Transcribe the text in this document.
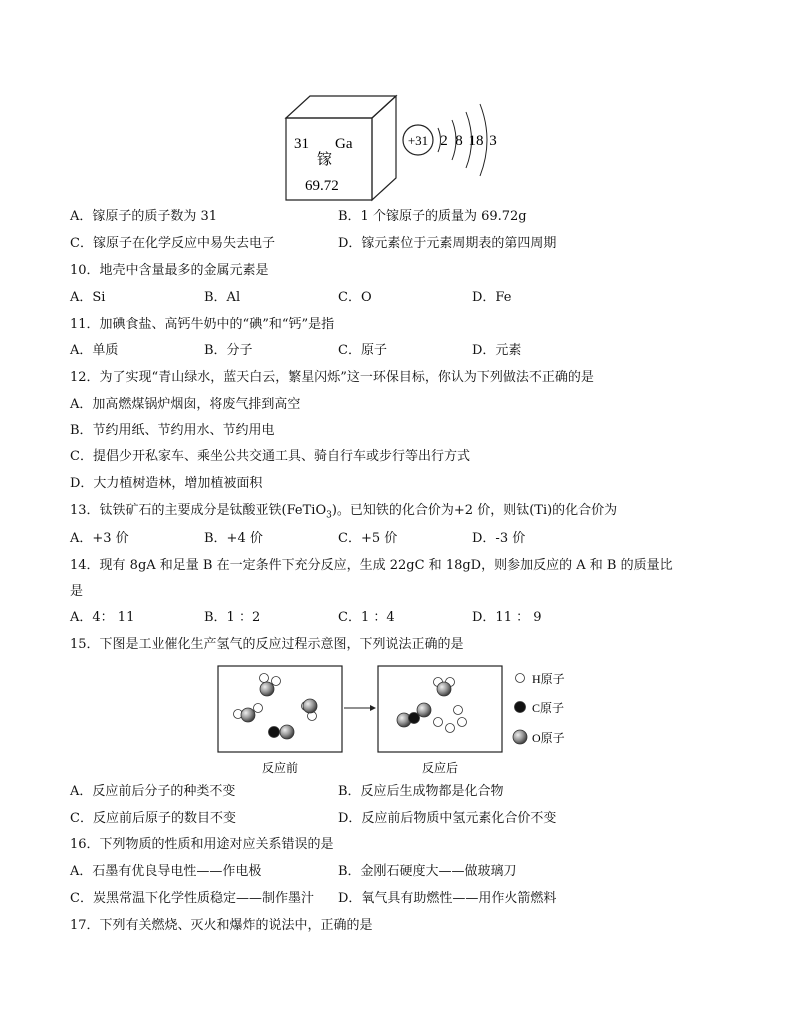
31 Ga
镓
69.72
+31 2 8 18 3
A．镓原子的质子数为 31	B．1 个镓原子的质量为 69.72g
C．镓原子在化学反应中易失去电子	D．镓元素位于元素周期表的第四周期
10．地壳中含量最多的金属元素是
A．Si	B．Al	C．O	D．Fe
11．加碘食盐、高钙牛奶中的“碘”和“钙”是指
A．单质	B．分子	C．原子	D．元素
12．为了实现“青山绿水，蓝天白云，繁星闪烁”这一环保目标，你认为下列做法不正确的是
A．加高燃煤锅炉烟囱，将废气排到高空
B．节约用纸、节约用水、节约用电
C．提倡少开私家车、乘坐公共交通工具、骑自行车或步行等出行方式
D．大力植树造林，增加植被面积
13．钛铁矿石的主要成分是钛酸亚铁(FeTiO$_3$)。已知铁的化合价为+2 价，则钛(Ti)的化合价为
A．+3 价	B．+4 价	C．+5 价	D．-3 价
14．现有 8gA 和足量 B 在一定条件下充分反应，生成 22gC 和 18gD，则参加反应的 A 和 B 的质量比
是
A．4： 11	B．1 ：2	C．1 ：4	D．11 ： 9
15．下图是工业催化生产氢气的反应过程示意图，下列说法正确的是
H原子
C原子
O原子
反应前	反应后
A．反应前后分子的种类不变	B．反应后生成物都是化合物
C．反应前后原子的数目不变	D．反应前后物质中氢元素化合价不变
16．下列物质的性质和用途对应关系错误的是
A．石墨有优良导电性——作电极	B．金刚石硬度大——做玻璃刀
C．炭黑常温下化学性质稳定——制作墨汁 D．氧气具有助燃性——用作火箭燃料
17．下列有关燃烧、灭火和爆炸的说法中，正确的是
